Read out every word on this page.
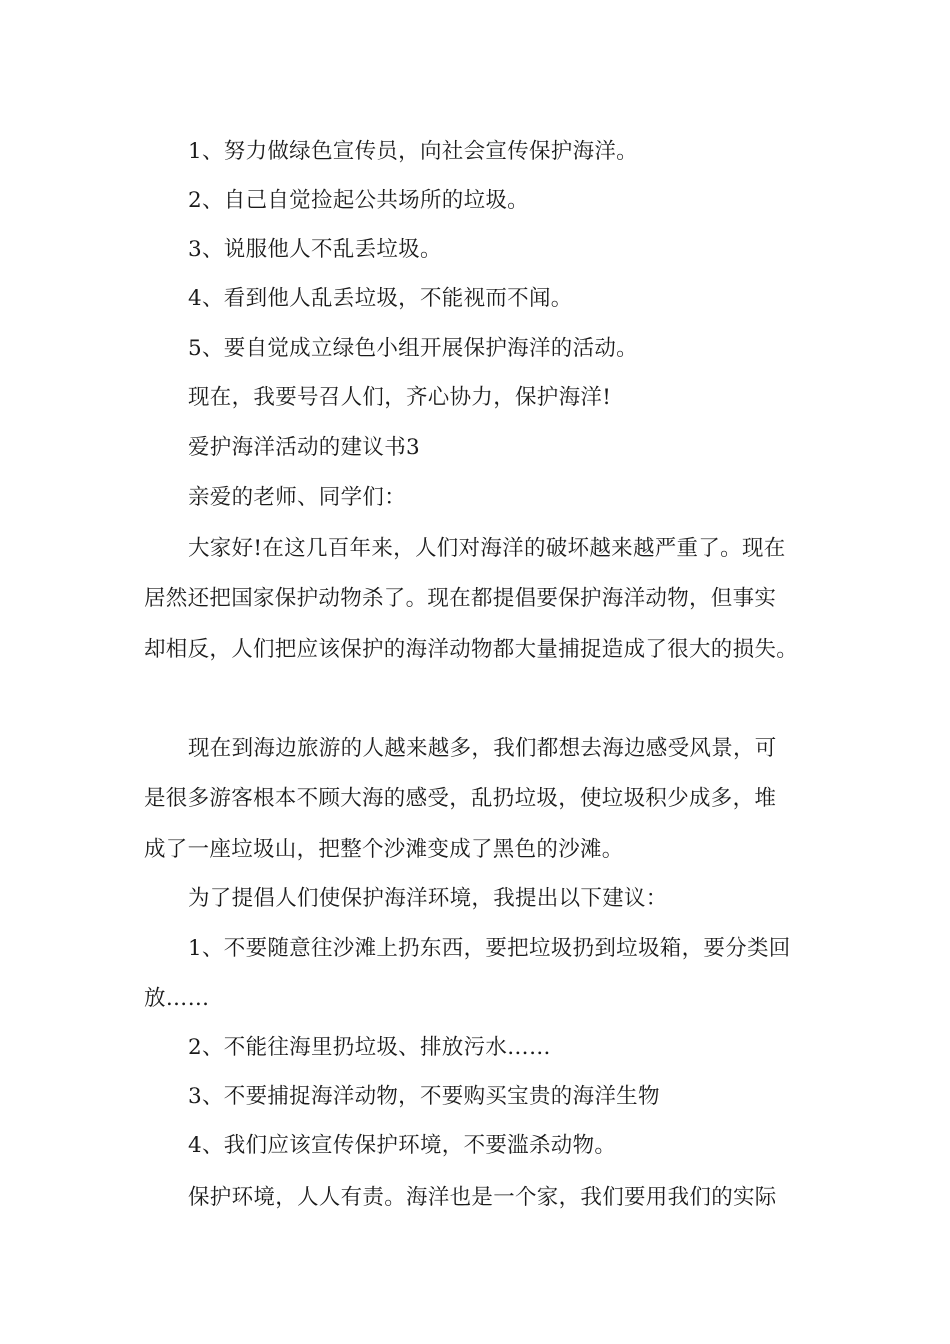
1、努力做绿色宣传员，向社会宣传保护海洋。
2、自己自觉捡起公共场所的垃圾。
3、说服他人不乱丢垃圾。
4、看到他人乱丢垃圾，不能视而不闻。
5、要自觉成立绿色小组开展保护海洋的活动。
现在，我要号召人们，齐心协力，保护海洋!
爱护海洋活动的建议书3
亲爱的老师、同学们：
大家好!在这几百年来，人们对海洋的破坏越来越严重了。现在
居然还把国家保护动物杀了。现在都提倡要保护海洋动物，但事实
却相反，人们把应该保护的海洋动物都大量捕捉造成了很大的损失。
现在到海边旅游的人越来越多，我们都想去海边感受风景，可
是很多游客根本不顾大海的感受，乱扔垃圾，使垃圾积少成多，堆
成了一座垃圾山，把整个沙滩变成了黑色的沙滩。
为了提倡人们使保护海洋环境，我提出以下建议：
1、不要随意往沙滩上扔东西，要把垃圾扔到垃圾箱，要分类回
放……
2、不能往海里扔垃圾、排放污水……
3、不要捕捉海洋动物，不要购买宝贵的海洋生物
4、我们应该宣传保护环境，不要滥杀动物。
保护环境，人人有责。海洋也是一个家，我们要用我们的实际
